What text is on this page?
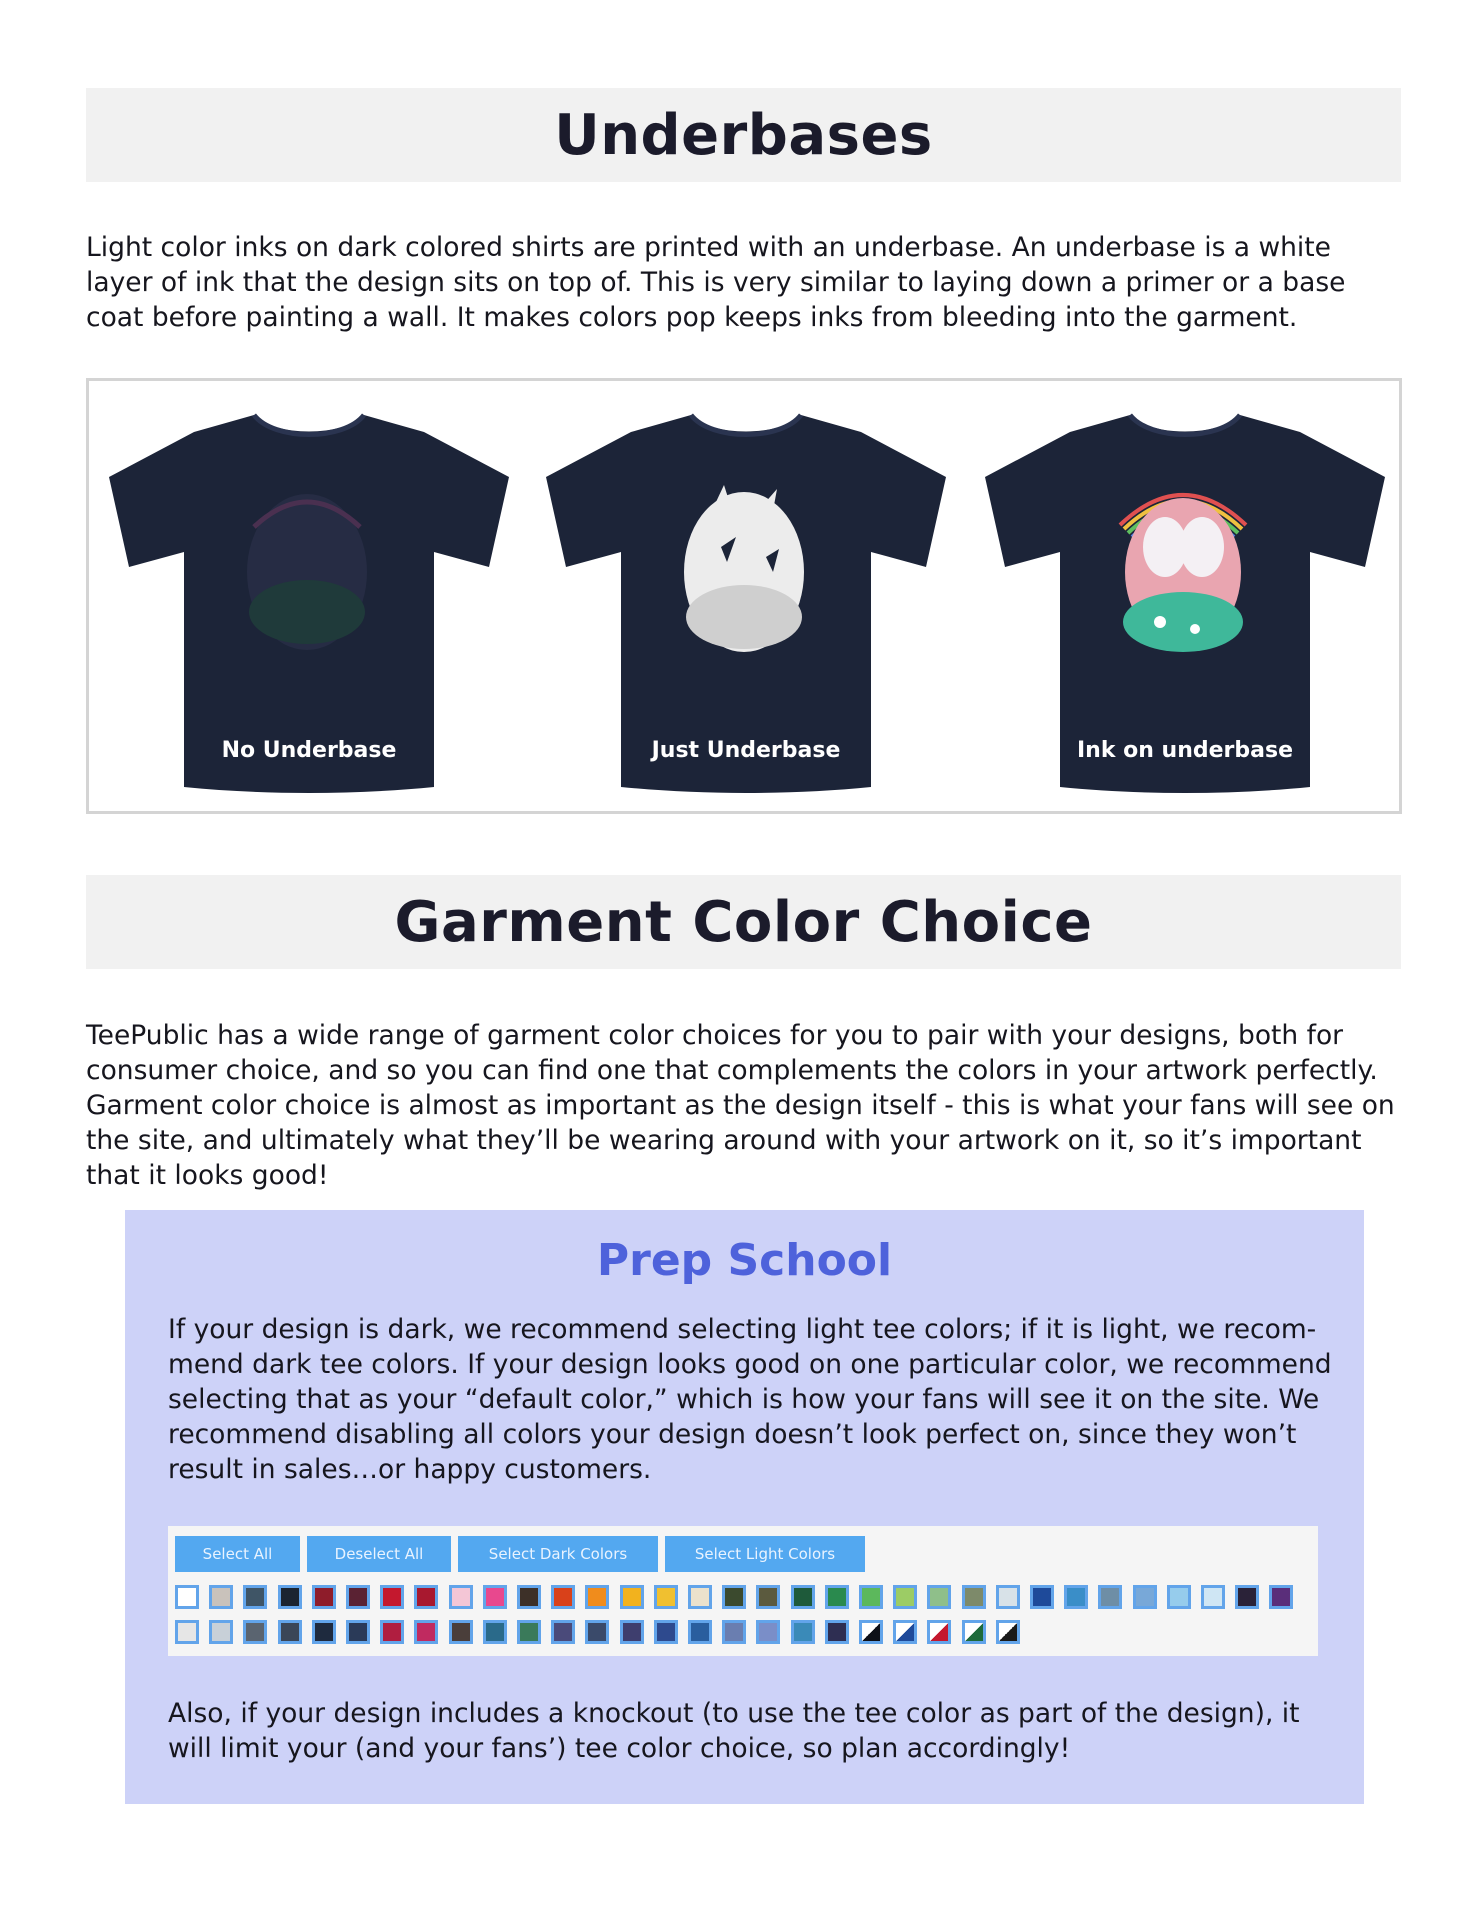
Underbases

Light color inks on dark colored shirts are printed with an underbase. An underbase is a white layer of ink that the design sits on top of. This is very similar to laying down a primer or a base coat before painting a wall. It makes colors pop keeps inks from bleeding into the garment.

No Underbase	Just Underbase	Ink on underbase
Garment Color Choice

TeePublic has a wide range of garment color choices for you to pair with your designs, both for consumer choice, and so you can find one that complements the colors in your artwork perfectly. Garment color choice is almost as important as the design itself - this is what your fans will see on the site, and ultimately what they’ll be wearing around with your artwork on it, so it’s important that it looks good!

Prep School

If your design is dark, we recommend selecting light tee colors; if it is light, we recom-mend dark tee colors. If your design looks good on one particular color, we recommend selecting that as your “default color,” which is how your fans will see it on the site. We recommend disabling all colors your design doesn’t look perfect on, since they won’t result in sales…or happy customers.

Select All	Deselect All	Select Dark Colors	Select Light Colors

Also, if your design includes a knockout (to use the tee color as part of the design), it will limit your (and your fans’) tee color choice, so plan accordingly!
